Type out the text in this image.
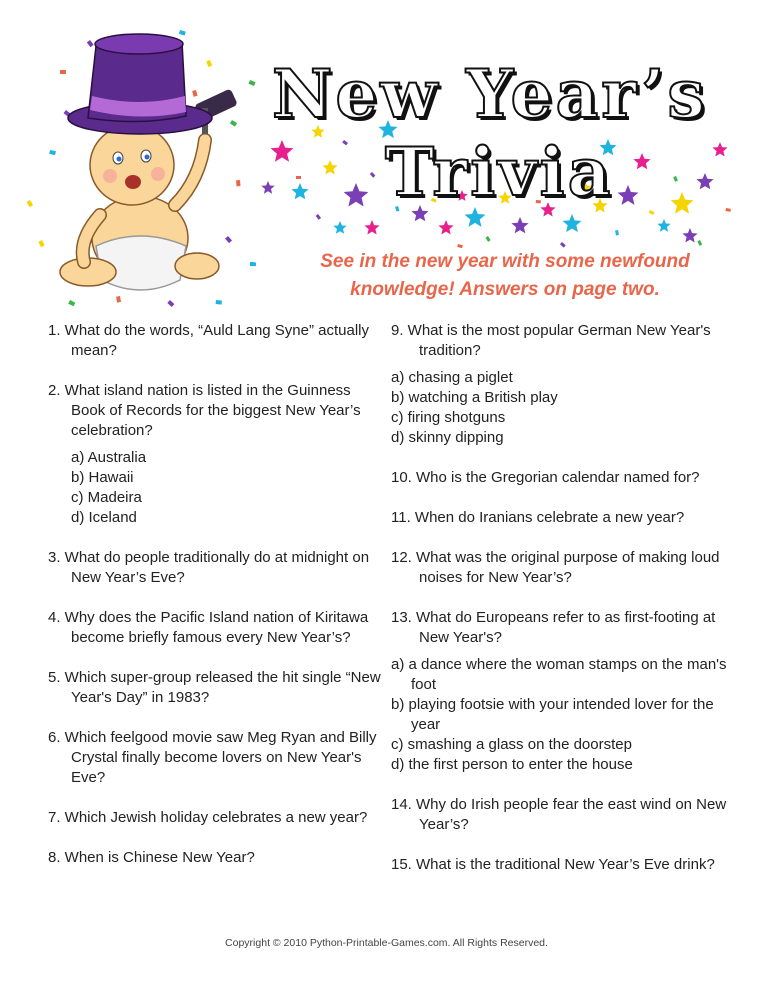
New Year’s
Trivia

See in the new year with some newfound knowledge! Answers on page two.

1. What do the words, “Auld Lang Syne” actually mean?
2. What island nation is listed in the Guinness Book of Records for the biggest New Year’s celebration?
a) Australia
b) Hawaii
c) Madeira
d) Iceland
3. What do people traditionally do at midnight on New Year’s Eve?
4. Why does the Pacific Island nation of Kiritawa become briefly famous every New Year’s?
5. Which super-group released the hit single “New Year's Day” in 1983?
6. Which feelgood movie saw Meg Ryan and Billy Crystal finally become lovers on New Year's Eve?
7. Which Jewish holiday celebrates a new year?
8. When is Chinese New Year?
9. What is the most popular German New Year's tradition?
a) chasing a piglet
b) watching a British play
c) firing shotguns
d) skinny dipping
10. Who is the Gregorian calendar named for?
11. When do Iranians celebrate a new year?
12. What was the original purpose of making loud noises for New Year’s?
13. What do Europeans refer to as first-footing at New Year's?
a) a dance where the woman stamps on the man's foot
b) playing footsie with your intended lover for the year
c) smashing a glass on the doorstep
d) the first person to enter the house
14. Why do Irish people fear the east wind on New Year’s?
15. What is the traditional New Year’s Eve drink?

Copyright © 2010 Python-Printable-Games.com. All Rights Reserved.
